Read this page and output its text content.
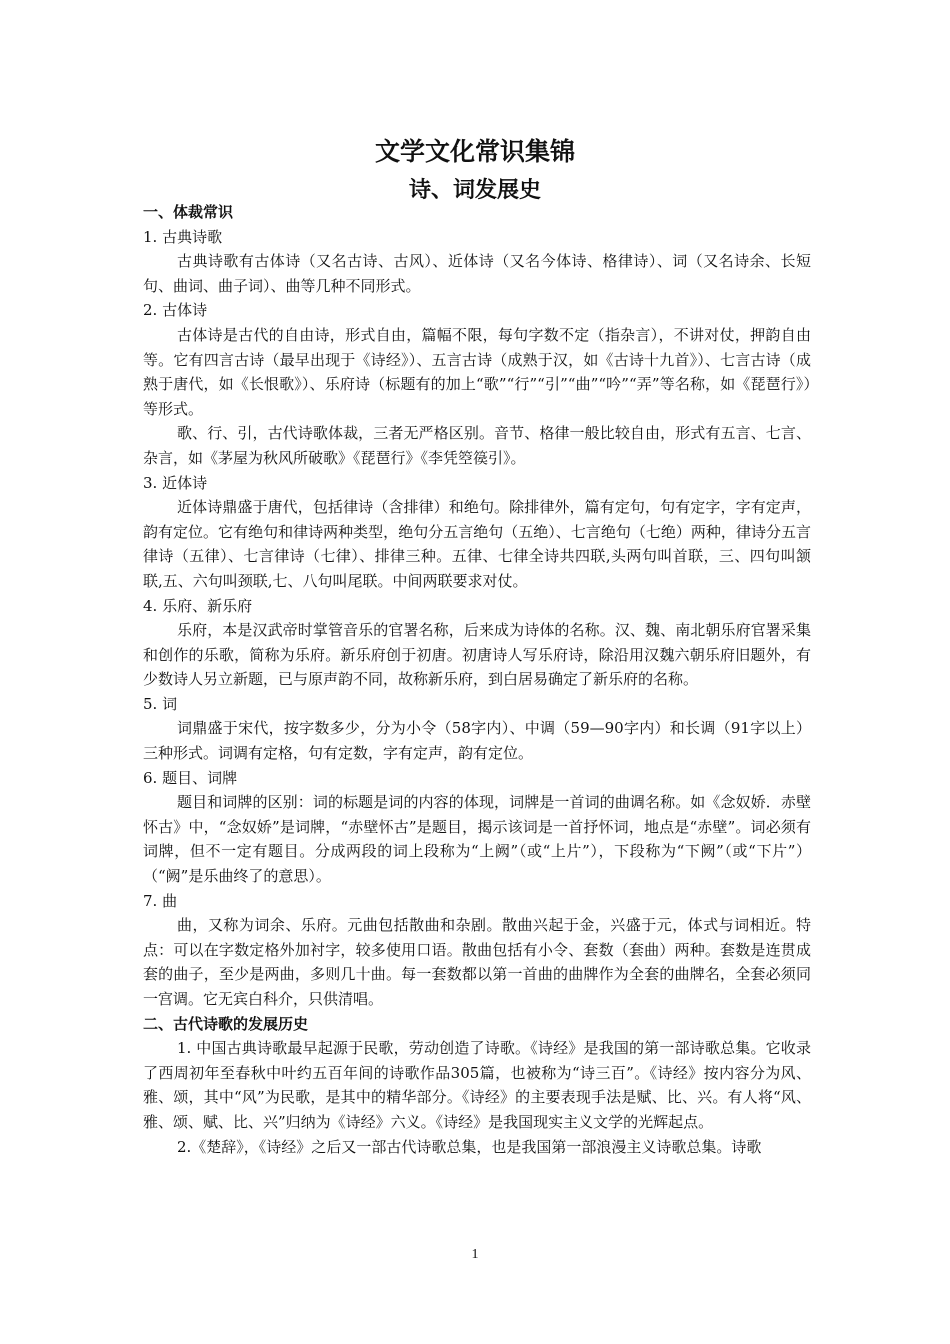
文学文化常识集锦
诗、词发展史

一、体裁常识

1. 古典诗歌

古典诗歌有古体诗（又名古诗、古风）、近体诗（又名今体诗、格律诗）、词（又名诗余、长短句、曲词、曲子词）、曲等几种不同形式。

2. 古体诗

古体诗是古代的自由诗，形式自由，篇幅不限，每句字数不定（指杂言），不讲对仗，押韵自由等。它有四言古诗（最早出现于《诗经》）、五言古诗（成熟于汉，如《古诗十九首》）、七言古诗（成熟于唐代，如《长恨歌》）、乐府诗（标题有的加上“歌”“行”“引”“曲”“吟”“弄”等名称，如《琵琶行》）等形式。

歌、行、引，古代诗歌体裁，三者无严格区别。音节、格律一般比较自由，形式有五言、七言、杂言，如《茅屋为秋风所破歌》《琵琶行》《李凭箜篌引》。

3. 近体诗

近体诗鼎盛于唐代，包括律诗（含排律）和绝句。除排律外，篇有定句，句有定字，字有定声，韵有定位。它有绝句和律诗两种类型，绝句分五言绝句（五绝）、七言绝句（七绝）两种，律诗分五言律诗（五律）、七言律诗（七律）、排律三种。五律、七律全诗共四联,头两句叫首联，三、四句叫颔联,五、六句叫颈联,七、八句叫尾联。中间两联要求对仗。

4. 乐府、新乐府

乐府，本是汉武帝时掌管音乐的官署名称，后来成为诗体的名称。汉、魏、南北朝乐府官署采集和创作的乐歌，简称为乐府。新乐府创于初唐。初唐诗人写乐府诗，除沿用汉魏六朝乐府旧题外，有少数诗人另立新题，已与原声韵不同，故称新乐府，到白居易确定了新乐府的名称。

5. 词

词鼎盛于宋代，按字数多少，分为小令（58字内）、中调（59—90字内）和长调（91字以上）三种形式。词调有定格，句有定数，字有定声，韵有定位。

6. 题目、词牌

题目和词牌的区别：词的标题是词的内容的体现，词牌是一首词的曲调名称。如《念奴娇．赤壁怀古》中，“念奴娇”是词牌，“赤壁怀古”是题目，揭示该词是一首抒怀词，地点是“赤壁”。词必须有词牌，但不一定有题目。分成两段的词上段称为“上阙”（或“上片”），下段称为“下阙”（或“下片”）（“阙”是乐曲终了的意思）。

7. 曲

曲，又称为词余、乐府。元曲包括散曲和杂剧。散曲兴起于金，兴盛于元，体式与词相近。特点：可以在字数定格外加衬字，较多使用口语。散曲包括有小令、套数（套曲）两种。套数是连贯成套的曲子，至少是两曲，多则几十曲。每一套数都以第一首曲的曲牌作为全套的曲牌名，全套必须同一宫调。它无宾白科介，只供清唱。

二、古代诗歌的发展历史

1. 中国古典诗歌最早起源于民歌，劳动创造了诗歌。《诗经》是我国的第一部诗歌总集。它收录了西周初年至春秋中叶约五百年间的诗歌作品305篇，也被称为“诗三百”。《诗经》按内容分为风、雅、颂，其中“风”为民歌，是其中的精华部分。《诗经》的主要表现手法是赋、比、兴。有人将“风、雅、颂、赋、比、兴”归纳为《诗经》六义。《诗经》是我国现实主义文学的光辉起点。

2.《楚辞》，《诗经》之后又一部古代诗歌总集，也是我国第一部浪漫主义诗歌总集。诗歌

1
